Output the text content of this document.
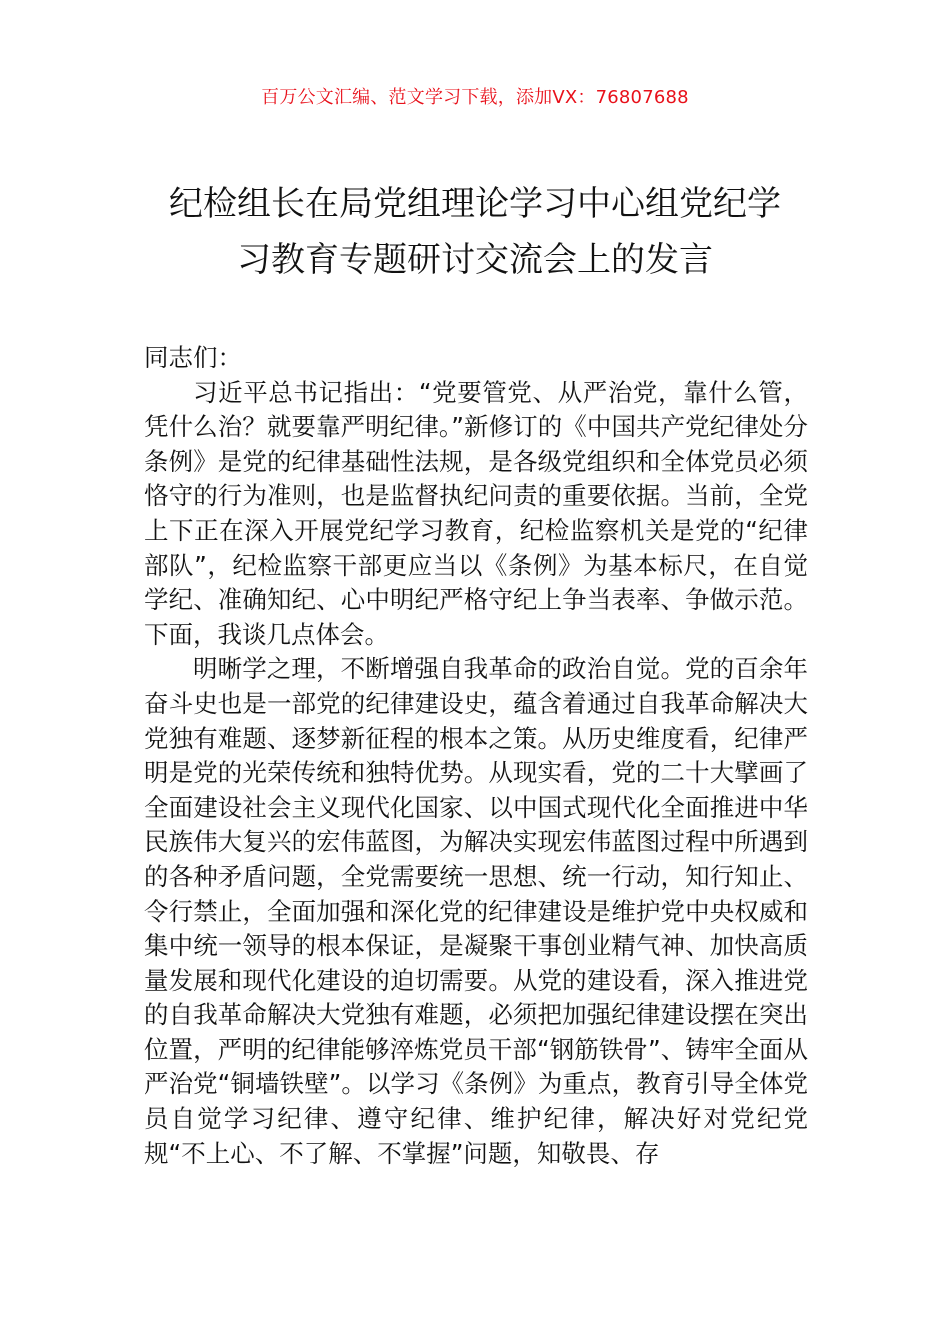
百万公文汇编、范文学习下载，添加VX：76807688
纪检组长在局党组理论学习中心组党纪学
习教育专题研讨交流会上的发言

同志们：

习近平总书记指出：“党要管党、从严治党，靠什么管，凭什么治？就要靠严明纪律。”新修订的《中国共产党纪律处分条例》是党的纪律基础性法规，是各级党组织和全体党员必须恪守的行为准则，也是监督执纪问责的重要依据。当前，全党上下正在深入开展党纪学习教育，纪检监察机关是党的“纪律部队”，纪检监察干部更应当以《条例》为基本标尺，在自觉学纪、准确知纪、心中明纪严格守纪上争当表率、争做示范。下面，我谈几点体会。

明晰学之理，不断增强自我革命的政治自觉。党的百余年奋斗史也是一部党的纪律建设史，蕴含着通过自我革命解决大党独有难题、逐梦新征程的根本之策。从历史维度看，纪律严明是党的光荣传统和独特优势。从现实看，党的二十大擘画了全面建设社会主义现代化国家、以中国式现代化全面推进中华民族伟大复兴的宏伟蓝图，为解决实现宏伟蓝图过程中所遇到的各种矛盾问题，全党需要统一思想、统一行动，知行知止、令行禁止，全面加强和深化党的纪律建设是维护党中央权威和集中统一领导的根本保证，是凝聚干事创业精气神、加快高质量发展和现代化建设的迫切需要。从党的建设看，深入推进党的自我革命解决大党独有难题，必须把加强纪律建设摆在突出位置，严明的纪律能够淬炼党员干部“钢筋铁骨”、铸牢全面从严治党“铜墙铁壁”。以学习《条例》为重点，教育引导全体党员自觉学习纪律、遵守纪律、维护纪律，解决好对党纪党规“不上心、不了解、不掌握”问题，知敬畏、存
